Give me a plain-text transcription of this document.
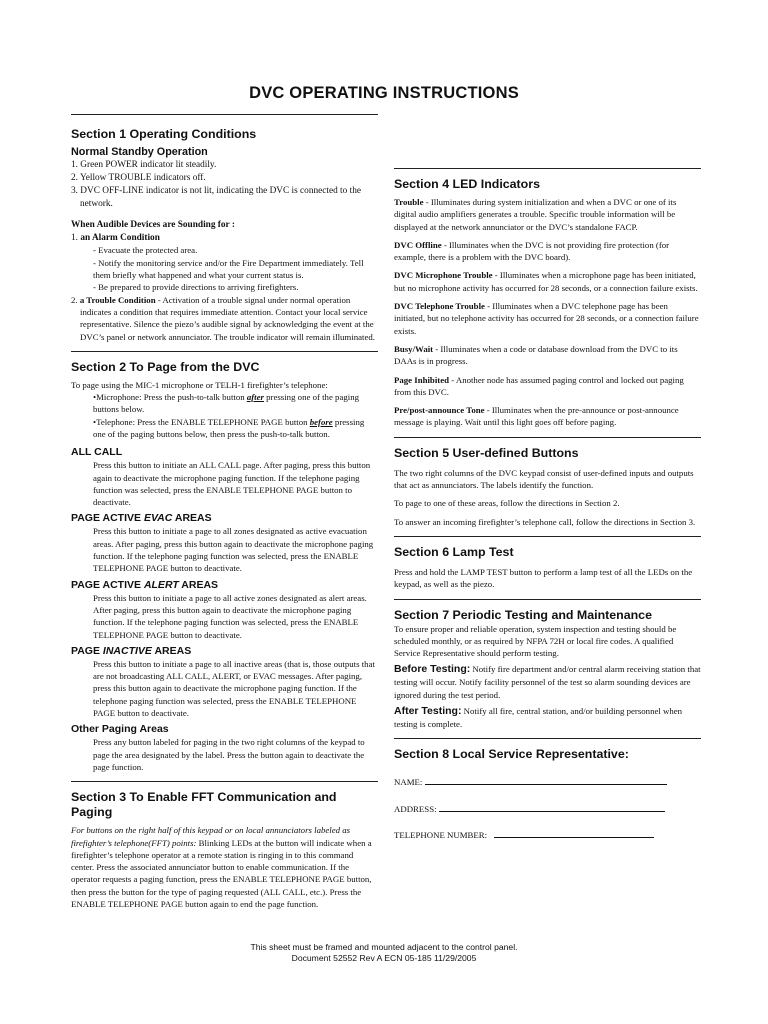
DVC OPERATING INSTRUCTIONS
Section 1 Operating Conditions
Normal Standby Operation

1. Green POWER indicator lit steadily.

2. Yellow TROUBLE indicators off.

3. DVC OFF-LINE indicator is not lit, indicating the DVC is connected to the network.

When Audible Devices are Sounding for :

1. an Alarm Condition

- Evacuate the protected area.

- Notify the monitoring service and/or the Fire Department immediately. Tell them briefly what happened and what your current status is.

- Be prepared to provide directions to arriving firefighters.

2. a Trouble Condition - Activation of a trouble signal under normal operation indicates a condition that requires immediate attention. Contact your local service representative. Silence the piezo’s audible signal by acknowledging the event at the DVC’s panel or network annunciator. The trouble indicator will remain illuminated.

Section 2 To Page from the DVC

To page using the MIC-1 microphone or TELH-1 firefighter’s telephone:

•Microphone: Press the push-to-talk button after pressing one of the paging buttons below.

•Telephone: Press the ENABLE TELEPHONE PAGE button before pressing one of the paging buttons below, then press the push-to-talk button.

ALL CALL

Press this button to initiate an ALL CALL page. After paging, press this button again to deactivate the microphone paging function. If the telephone paging function was selected, press the ENABLE TELEPHONE PAGE button to deactivate.

PAGE ACTIVE EVAC AREAS

Press this button to initiate a page to all zones designated as active evacuation areas. After paging, press this button again to deactivate the microphone paging function. If the telephone paging function was selected, press the ENABLE TELEPHONE PAGE button to deactivate.

PAGE ACTIVE ALERT AREAS

Press this button to initiate a page to all active zones designated as alert areas. After paging, press this button again to deactivate the microphone paging function. If the telephone paging function was selected, press the ENABLE TELEPHONE PAGE button to deactivate.

PAGE INACTIVE AREAS

Press this button to initiate a page to all inactive areas (that is, those outputs that are not broadcasting ALL CALL, ALERT, or EVAC messages. After paging, press this button again to deactivate the microphone paging function. If the telephone paging function was selected, press the ENABLE TELEPHONE PAGE button to deactivate.

Other Paging Areas

Press any button labeled for paging in the two right columns of the keypad to page the area designated by the label. Press the button again to deactivate the page function.

Section 3 To Enable FFT Communication and Paging

For buttons on the right half of this keypad or on local annunciators labeled as firefighter’s telephone(FFT) points: Blinking LEDs at the button will indicate when a firefighter’s telephone operator at a remote station is ringing in to this command center. Press the associated annunciator button to enable communication. If the operator requests a paging function, press the ENABLE TELEPHONE PAGE button, then press the button for the type of paging requested (ALL CALL, etc.). Press the ENABLE TELEPHONE PAGE button again to end the page function.

Section 4 LED Indicators

Trouble - Illuminates during system initialization and when a DVC or one of its digital audio amplifiers generates a trouble. Specific trouble information will be displayed at the network annunciator or the DVC’s standalone FACP.

DVC Offline - Illuminates when the DVC is not providing fire protection (for example, there is a problem with the DVC board).

DVC Microphone Trouble - Illuminates when a microphone page has been initiated, but no microphone activity has occurred for 28 seconds, or a connection failure exists.

DVC Telephone Trouble - Illuminates when a DVC telephone page has been initiated, but no telephone activity has occurred for 28 seconds, or a connection failure exists.

Busy/Wait - Illuminates when a code or database download from the DVC to its DAAs is in progress.

Page Inhibited - Another node has assumed paging control and locked out paging from this DVC.

Pre/post-announce Tone - Illuminates when the pre-announce or post-announce message is playing. Wait until this light goes off before paging.

Section 5 User-defined Buttons

The two right columns of the DVC keypad consist of user-defined inputs and outputs that act as annunciators. The labels identify the function.

To page to one of these areas, follow the directions in Section 2.

To answer an incoming firefighter’s telephone call, follow the directions in Section 3.

Section 6 Lamp Test

Press and hold the LAMP TEST button to perform a lamp test of all the LEDs on the keypad, as well as the piezo.

Section 7 Periodic Testing and Maintenance

To ensure proper and reliable operation, system inspection and testing should be scheduled monthly, or as required by NFPA 72H or local fire codes. A qualified Service Representative should perform testing.

Before Testing: Notify fire department and/or central alarm receiving station that testing will occur. Notify facility personnel of the test so alarm sounding devices are ignored during the test period.

After Testing: Notify all fire, central station, and/or building personnel when testing is complete.

Section 8 Local Service Representative:

NAME:

ADDRESS:

TELEPHONE NUMBER:

This sheet must be framed and mounted adjacent to the control panel.
Document 52552 Rev A ECN 05-185 11/29/2005
